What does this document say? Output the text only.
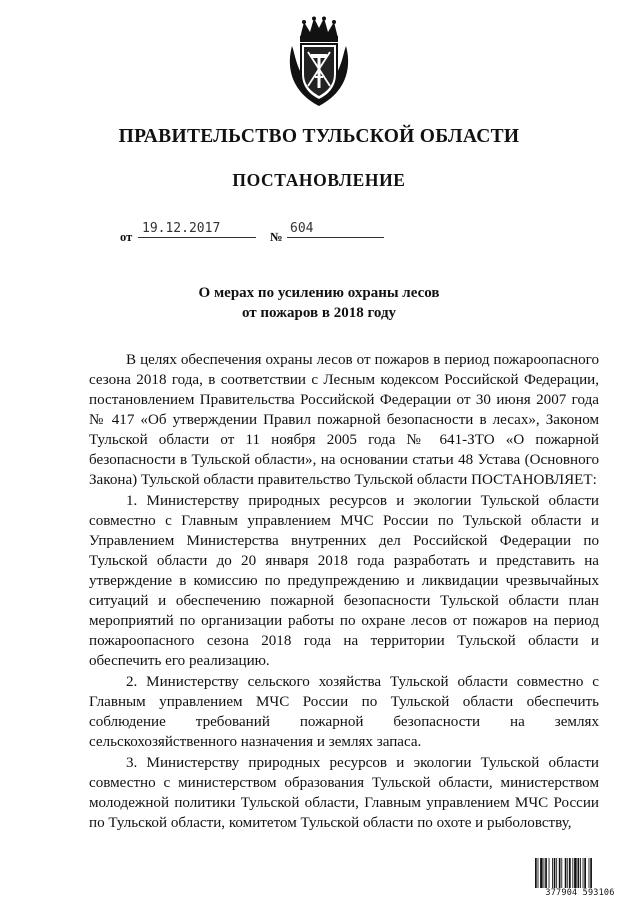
ПРАВИТЕЛЬСТВО ТУЛЬСКОЙ ОБЛАСТИ
ПОСТАНОВЛЕНИЕ
от
19.12.2017
№
604
О мерах по усилению охраны лесов
от пожаров в 2018 году

В целях обеспечения охраны лесов от пожаров в период пожароопасного сезона 2018 года, в соответствии с Лесным кодексом Российской Федерации, постановлением Правительства Российской Федерации от 30 июня 2007 года № 417 «Об утверждении Правил пожарной безопасности в лесах», Законом Тульской области от 11 ноября 2005 года № 641-ЗТО «О пожарной безопасности в Тульской области», на основании статьи 48 Устава (Основного Закона) Тульской области правительство Тульской области ПОСТАНОВЛЯЕТ:

1. Министерству природных ресурсов и экологии Тульской области совместно с Главным управлением МЧС России по Тульской области и Управлением Министерства внутренних дел Российской Федерации по Тульской области до 20 января 2018 года разработать и представить на утверждение в комиссию по предупреждению и ликвидации чрезвычайных ситуаций и обеспечению пожарной безопасности Тульской области план мероприятий по организации работы по охране лесов от пожаров на период пожароопасного сезона 2018 года на территории Тульской области и обеспечить его реализацию.

2. Министерству сельского хозяйства Тульской области совместно с Главным управлением МЧС России по Тульской области обеспечить соблюдение требований пожарной безопасности на землях сельскохозяйственного назначения и землях запаса.

3. Министерству природных ресурсов и экологии Тульской области совместно с министерством образования Тульской области, министерством молодежной политики Тульской области, Главным управлением МЧС России по Тульской области, комитетом Тульской области по охоте и рыболовству,

377904 593106
